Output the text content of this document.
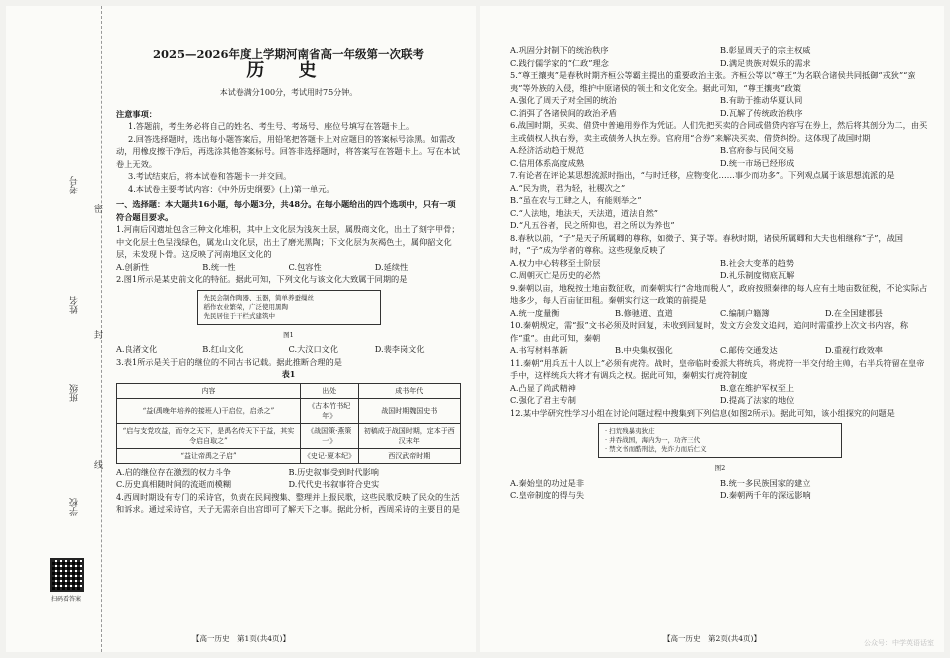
考号
姓名
班级
学校
密
封
线
扫码看答案
2025—2026年度上学期河南省高一年级第一次联考
历 史
本试卷满分100分，考试用时75分钟。
注意事项：
1.答题前，考生务必将自己的姓名、考生号、考场号、座位号填写在答题卡上。
2.回答选择题时，选出每小题答案后，用铅笔把答题卡上对应题目的答案标号涂黑。如需改动，用橡皮擦干净后，再选涂其他答案标号。回答非选择题时，将答案写在答题卡上。写在本试卷上无效。
3.考试结束后，将本试卷和答题卡一并交回。
4.本试卷主要考试内容：《中外历史纲要》(上)第一单元。
一、选择题：本大题共16小题，每小题3分，共48分。在每小题给出的四个选项中，只有一项符合题目要求。
1.河南后冈遗址包含三种文化堆积，其中上文化层为浅灰土层，属殷商文化，出土了刻字甲骨；中文化层土色呈浅绿色，属龙山文化层，出土了磨光黑陶；下文化层为灰褐色土，属仰韶文化层，未发现卜骨。这反映了河南地区文化的
A.创新性	B.统一性	C.包容性	D.延续性
2.图1所示是某史前文化的特征。据此可知，下列文化与该文化大致属于同期的是
先民会制作陶器、玉器，简单养蚕缫丝
稻作农业繁荣，广泛使用黑陶
先民居住于干栏式建筑中
图1
A.良渚文化	B.红山文化	C.大汶口文化	D.裴李岗文化
3.表1所示是关于启的继位的不同古书记载。据此推断合理的是
表1
内容	出处	成书年代
“益(禹晚年培养的接班人)干启位，启杀之”	《古本竹书纪年》	战国时期魏国史书
“启与支党攻益，而夺之天下，是禹名传天下于益，其实令启自取之”	《战国策·燕策一》	初稿成于战国时期，定本于西汉末年
“益让帝禹之子启”	《史记·夏本纪》	西汉武帝时期
A.启的继位存在激烈的权力斗争	B.历史叙事受到时代影响
C.历史真相随时间的流逝而模糊	D.代代史书叙事符合史实
4.西周时期设有专门的采诗官，负责在民间搜集、整理并上报民歌，这些民歌反映了民众的生活和诉求。通过采诗官，天子无需亲自出宫即可了解天下之事。据此分析，西周采诗的主要目的是
【高一历史　第1页(共4页)】
A.巩固分封制下的统治秩序	B.彰显周天子的宗主权威
C.践行儒学家的“仁政”理念	D.满足贵族对娱乐的需求
5.“尊王攘夷”是春秋时期齐桓公等霸主提出的重要政治主张。齐桓公等以“尊王”为名联合诸侯共同抵御“戎狄”“蛮夷”等外族的入侵，维护中原诸侯的领土和文化安全。据此可知，“尊王攘夷”政策
A.强化了周天子对全国的统治	B.有助于推动华夏认同
C.消弭了各诸侯间的政治矛盾	D.瓦解了传统政治秩序
6.战国时期，买卖、借贷中普遍用券作为凭证。人们先把买卖的合同或借贷内容写在券上，然后将其剖分为二，由买主或债权人执右券，卖主或债务人执左券。官府用“合券”来解决买卖、借贷纠纷。这体现了战国时期
A.经济活动趋于规范	B.官府参与民间交易
C.信用体系高度成熟	D.统一市场已经形成
7.有论者在评论某思想流派时指出，“与时迁移，应物变化……事少而功多”。下列观点属于该思想流派的是
A.“民为贵，君为轻，社稷次之”
B.“虽在农与工肆之人，有能则举之”
C.“人法地，地法天，天法道，道法自然”
D.“凡五谷者，民之所仰也，君之所以为养也”
8.春秋以前，“子”是天子所属卿的尊称，如微子、箕子等。春秋时期，诸侯所属卿和大夫也相继称“子”，战国时，“子”成为学者的尊称。这些现象反映了
A.权力中心转移至士阶层	B.社会大变革的趋势
C.周朝灭亡是历史的必然	D.礼乐制度彻底瓦解
9.秦朝以亩，地税按土地亩数征收，而秦朝实行“舍地而税人”，政府按照秦律的每人应有土地亩数征税，不论实际占地多少，每人百亩征田租。秦朝实行这一政策的前提是
A.统一度量衡	B.修驰道、直道	C.编制户籍簿	D.在全国建郡县
10.秦朝规定，需“报”文书必须及时回复，未收到回复时，发文方会发文追问，追问时需重抄上次文书内容，称作“重”。由此可知，秦朝
A.书写材料革新	B.中央集权强化	C.邮传交通发达	D.重视行政效率
11.秦朝“用兵五十人以上”必须有虎符。战时，皇帝临时委派大将统兵，将虎符一半交付给主帅，右半兵符留在皇帝手中，这样统兵大将才有调兵之权。据此可知，秦朝实行虎符制度
A.凸显了尚武精神	B.意在维护军权至上
C.强化了君主专制	D.提高了法家的地位
12.某中学研究性学习小组在讨论问题过程中搜集到下列信息(如图2所示)。据此可知，该小组探究的问题是
· 扫荒残暴夷狄庄
· 并吞战国，海内为一，功齐三代
· 禁文书而酷刑法，先诈力而后仁义
图2
A.秦始皇的功过是非	B.统一多民族国家的建立
C.皇帝制度的得与失	D.秦朝两千年的深远影响
【高一历史　第2页(共4页)】	公众号：中学英语话室
